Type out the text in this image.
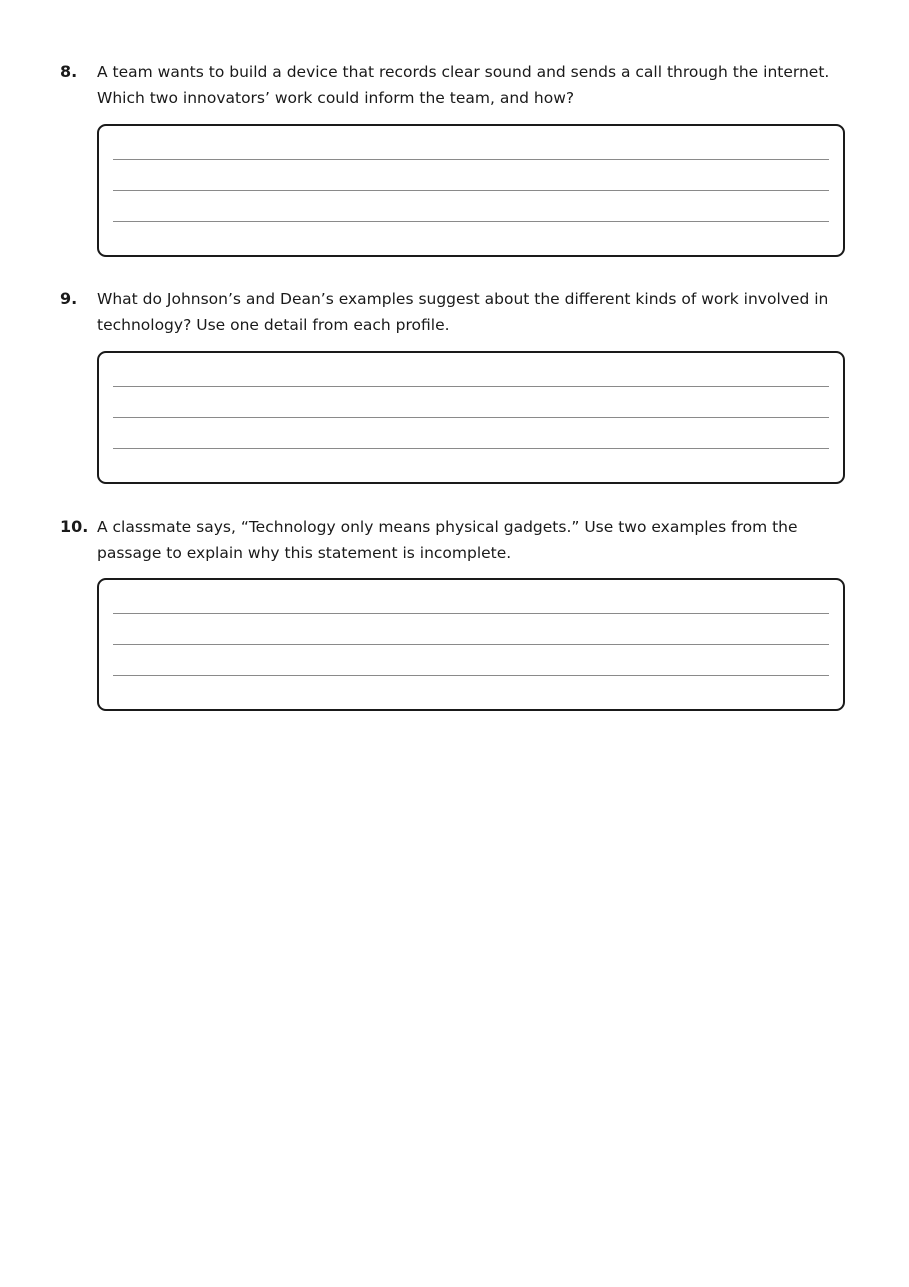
8. A team wants to build a device that records clear sound and sends a call through the internet.
Which two innovators’ work could inform the team, and how?
9. What do Johnson’s and Dean’s examples suggest about the different kinds of work involved in
technology? Use one detail from each profile.
10. A classmate says, “Technology only means physical gadgets.” Use two examples from the
passage to explain why this statement is incomplete.
